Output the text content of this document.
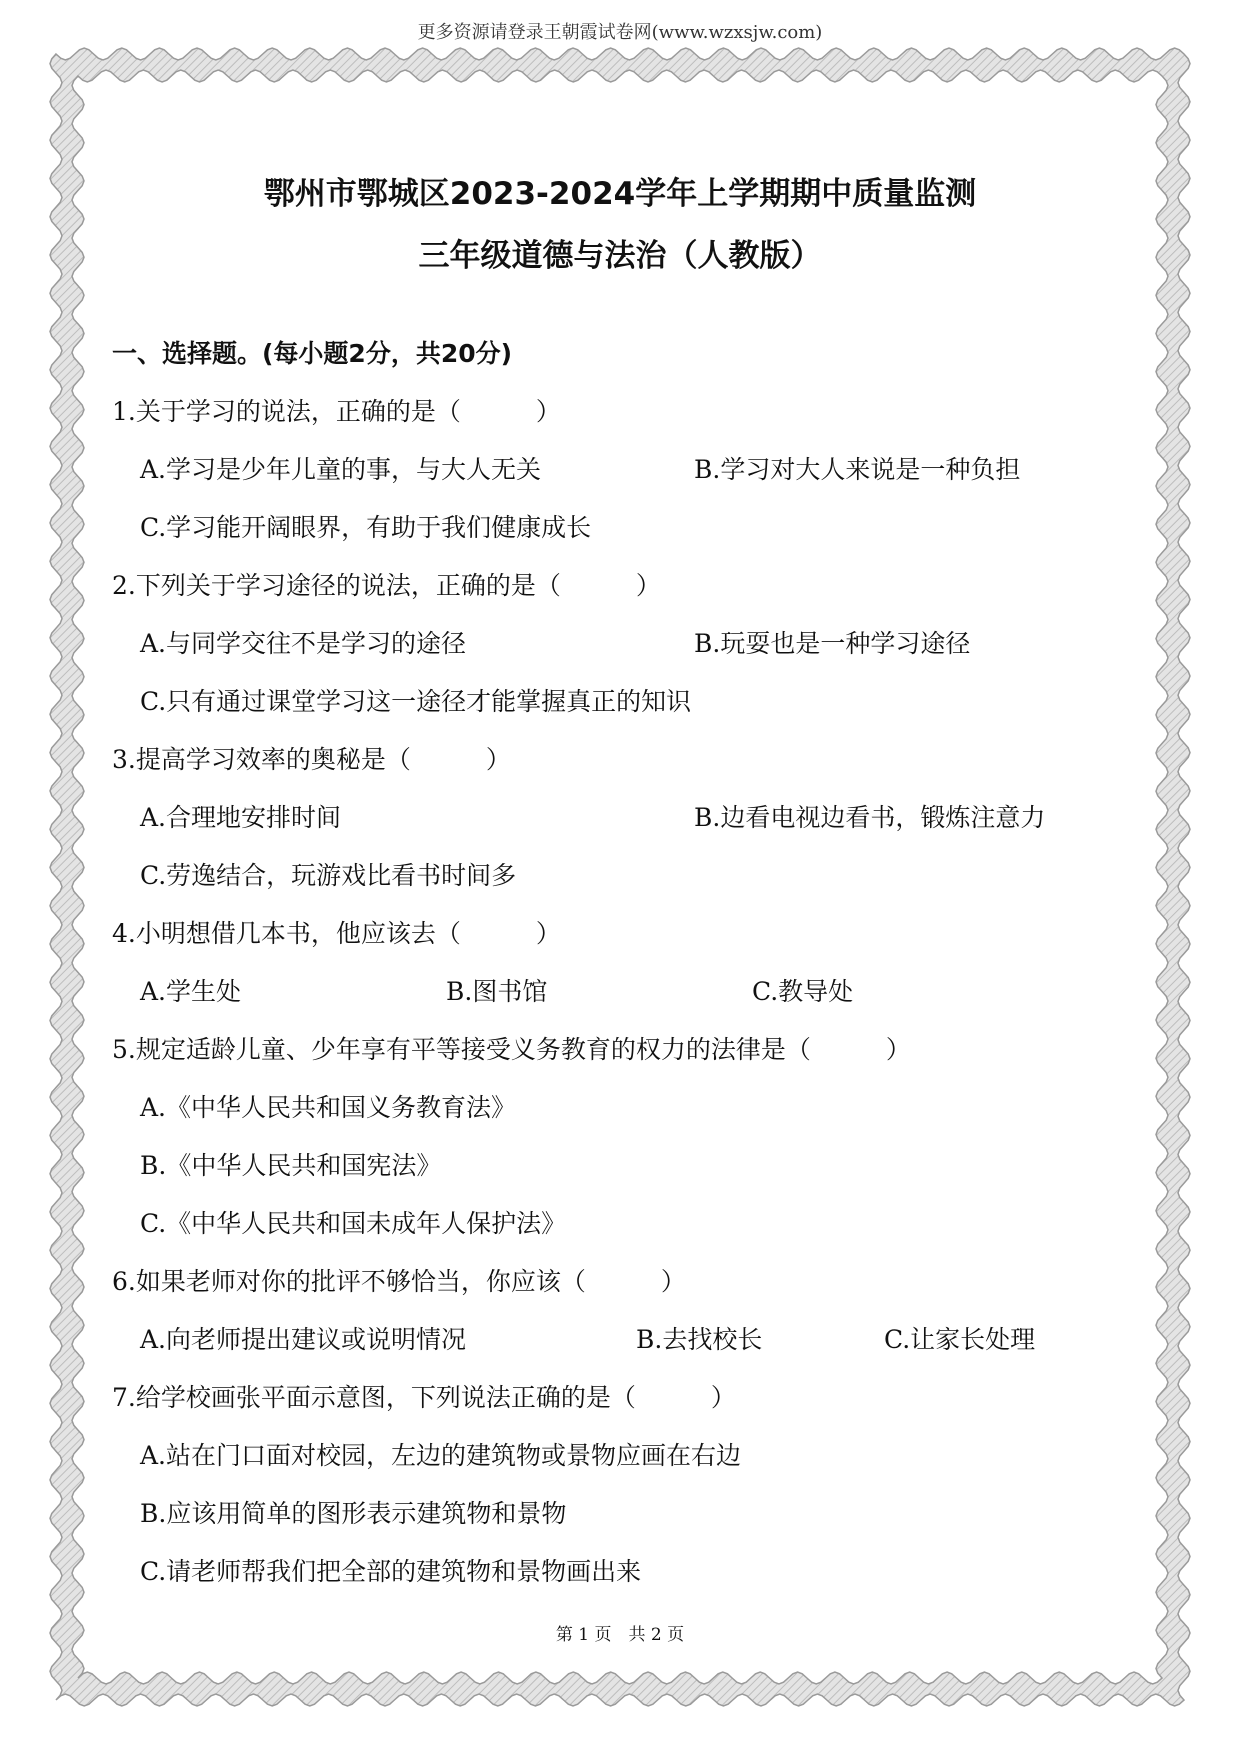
更多资源请登录王朝霞试卷网(www.wzxsjw.com)
鄂州市鄂城区2023-2024学年上学期期中质量监测
三年级道德与法治（人教版）
一、选择题。(每小题2分，共20分)
1.关于学习的说法，正确的是（　　　）
A.学习是少年儿童的事，与大人无关	B.学习对大人来说是一种负担
C.学习能开阔眼界，有助于我们健康成长
2.下列关于学习途径的说法，正确的是（　　　）
A.与同学交往不是学习的途径	B.玩耍也是一种学习途径
C.只有通过课堂学习这一途径才能掌握真正的知识
3.提高学习效率的奥秘是（　　　）
A.合理地安排时间	B.边看电视边看书，锻炼注意力
C.劳逸结合，玩游戏比看书时间多
4.小明想借几本书，他应该去（　　　）
A.学生处	B.图书馆	C.教导处
5.规定适龄儿童、少年享有平等接受义务教育的权力的法律是（　　　）
A.《中华人民共和国义务教育法》
B.《中华人民共和国宪法》
C.《中华人民共和国未成年人保护法》
6.如果老师对你的批评不够恰当，你应该（　　　）
A.向老师提出建议或说明情况	B.去找校长	C.让家长处理
7.给学校画张平面示意图，下列说法正确的是（　　　）
A.站在门口面对校园，左边的建筑物或景物应画在右边
B.应该用简单的图形表示建筑物和景物
C.请老师帮我们把全部的建筑物和景物画出来
第 1 页　共 2 页
